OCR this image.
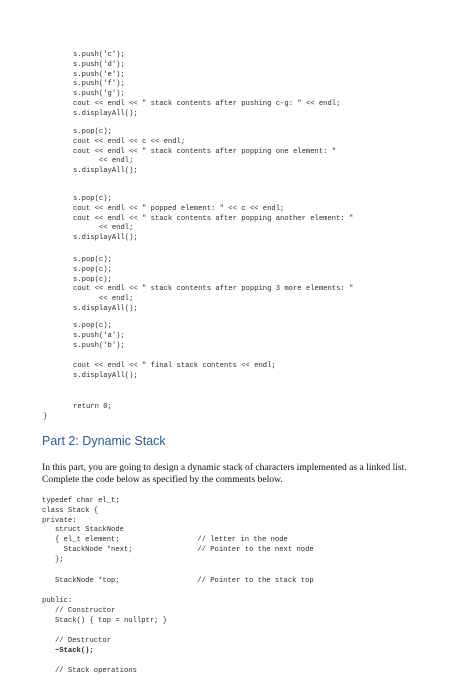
s.push('c');
s.push('d');
s.push('e');
s.push('f');
s.push('g');
cout << endl << " stack contents after pushing c-g: " << endl;
s.displayAll();
s.pop(c);
cout << endl << c << endl;
cout << endl << " stack contents after popping one element: "
<< endl;
s.displayAll();
s.pop(c);
cout << endl << " popped element: " << c << endl;
cout << endl << " stack contents after popping another element: "
<< endl;
s.displayAll();
s.pop(c);
s.pop(c);
s.pop(c);
cout << endl << " stack contents after popping 3 more elements: "
<< endl;
s.displayAll();
s.pop(c);
s.push('a');
s.push('b');
cout << endl << " final stack contents << endl;
s.displayAll();
return 0;
}
Part 2: Dynamic Stack
In this part, you are going to design a dynamic stack of characters implemented as a linked list. Complete the code below as specified by the comments below.
typedef char el_t;
class Stack {
private:
struct StackNode
{ el_t element;                  // letter in the node
StackNode *next;               // Pointer to the next node
};
StackNode *top;                  // Pointer to the stack top
public:
// Constructor
Stack() { top = nullptr; }
// Destructor
~Stack();
// Stack operations
